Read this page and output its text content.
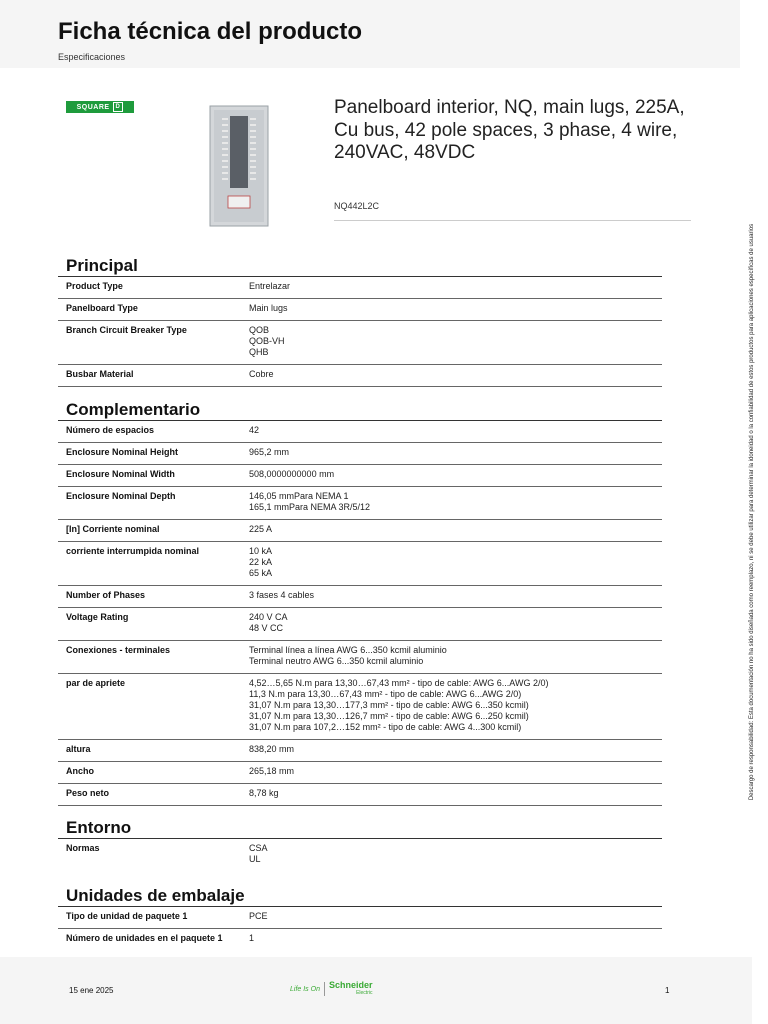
Ficha técnica del producto
Especificaciones
SQUARE	D	Panelboard interior, NQ, main lugs, 225A, Cu bus, 42 pole spaces, 3 phase, 4 wire, 240VAC, 48VDC
NQ442L2C
Principal
Product Type	Entrelazar
Panelboard Type	Main lugs
Branch Circuit Breaker Type	QOB
QOB-VH
QHB
Busbar Material	Cobre
Complementario
Número de espacios	42
Enclosure Nominal Height	965,2 mm
Enclosure Nominal Width	508,0000000000 mm
Enclosure Nominal Depth	146,05 mmPara NEMA 1
165,1 mmPara NEMA 3R/5/12
[In] Corriente nominal	225 A
corriente interrumpida nominal	10 kA
22 kA
65 kA
Number of Phases	3 fases 4 cables
Voltage Rating	240 V CA
48 V CC
Conexiones - terminales	Terminal línea a línea AWG 6...350 kcmil aluminio
Terminal neutro AWG 6...350 kcmil aluminio
par de apriete	4,52…5,65 N.m para 13,30…67,43 mm² - tipo de cable: AWG 6...AWG 2/0)
11,3 N.m para 13,30…67,43 mm² - tipo de cable: AWG 6...AWG 2/0)
31,07 N.m para 13,30…177,3 mm² - tipo de cable: AWG 6...350 kcmil)
31,07 N.m para 13,30…126,7 mm² - tipo de cable: AWG 6...250 kcmil)
31,07 N.m para 107,2…152 mm² - tipo de cable: AWG 4...300 kcmil)
altura	838,20 mm
Ancho	265,18 mm
Peso neto	8,78 kg
Entorno
Normas	CSA
UL
Unidades de embalaje
Tipo de unidad de paquete 1	PCE
Número de unidades en el paquete 1	1
Descargo de responsabilidad: Esta documentación no ha sido diseñada como reemplazo, ni se debe utilizar para determinar la idoneidad o la confiabilidad de estos productos para aplicaciones específicas de usuarios
15 ene 2025	Life Is On Schneider
Electric	1
